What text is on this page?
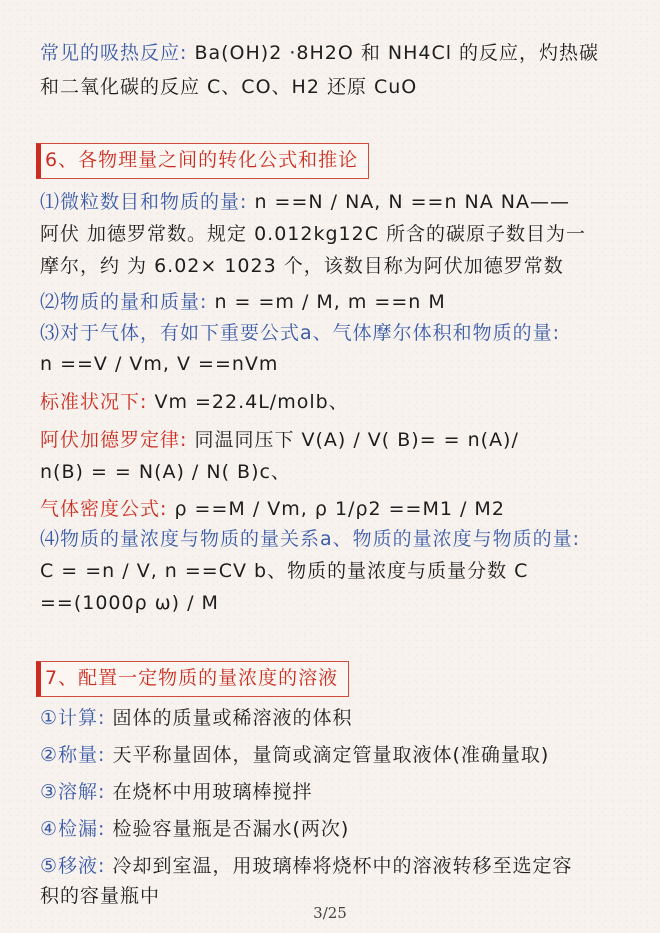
常见的吸热反应: Ba(OH)2 ·8H2O 和 NH4Cl 的反应，灼热碳
和二氧化碳的反应 C、CO、H2 还原 CuO
6、各物理量之间的转化公式和推论
⑴微粒数目和物质的量: n ==N / NA, N ==n NA NA——
阿伏 加德罗常数。规定 0.012kg12C 所含的碳原子数目为一
摩尔，约 为 6.02× 1023 个，该数目称为阿伏加德罗常数
⑵物质的量和质量: n = =m / M, m ==n M
⑶对于气体，有如下重要公式a、气体摩尔体积和物质的量:
n ==V / Vm, V ==nVm
标准状况下: Vm =22.4L/molb、
阿伏加德罗定律: 同温同压下 V(A) / V( B)= = n(A)/
n(B) = = N(A) / N( B)c、
气体密度公式: ρ ==M / Vm, ρ 1/ρ2 ==M1 / M2
⑷物质的量浓度与物质的量关系a、物质的量浓度与物质的量:
C = =n / V, n ==CV b、物质的量浓度与质量分数 C
==(1000ρ ω) / M
7、配置一定物质的量浓度的溶液
①计算: 固体的质量或稀溶液的体积
②称量: 天平称量固体，量筒或滴定管量取液体(准确量取)
③溶解: 在烧杯中用玻璃棒搅拌
④检漏: 检验容量瓶是否漏水(两次)
⑤移液: 冷却到室温，用玻璃棒将烧杯中的溶液转移至选定容
积的容量瓶中
3/25
